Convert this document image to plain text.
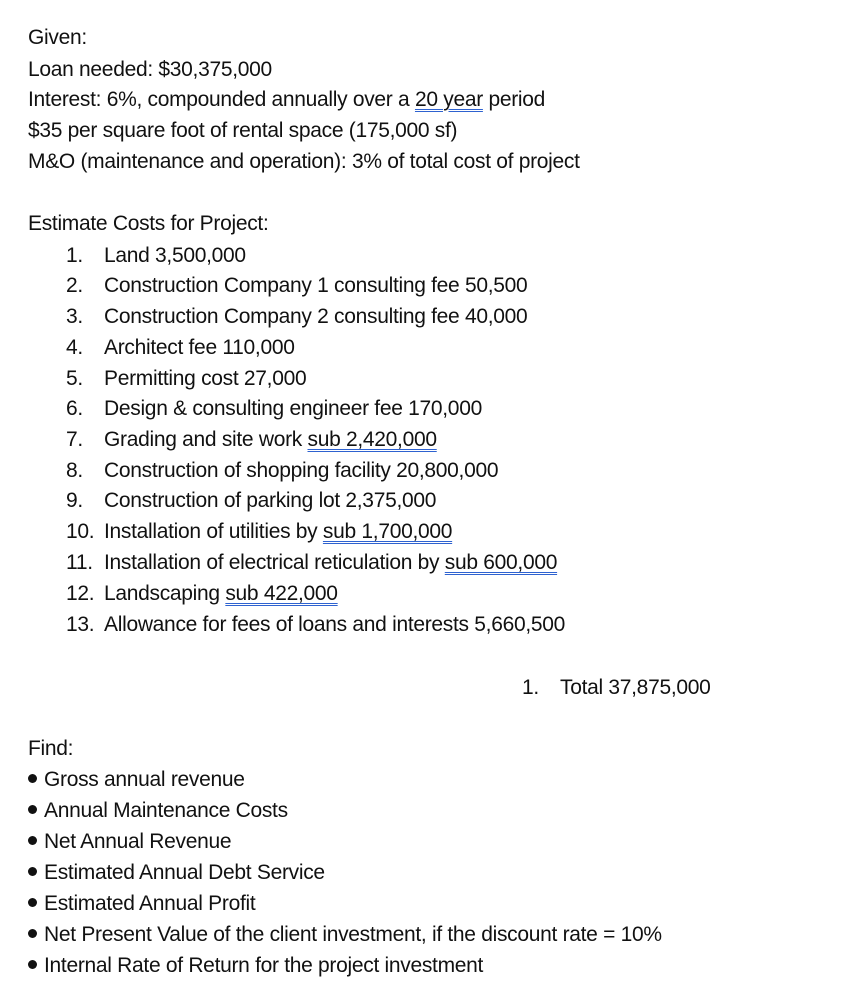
Given:
Loan needed: $30,375,000
Interest: 6%, compounded annually over a 20 year period
$35 per square foot of rental space (175,000 sf)
M&O (maintenance and operation): 3% of total cost of project
Estimate Costs for Project:
1. Land 3,500,000
2. Construction Company 1 consulting fee 50,500
3. Construction Company 2 consulting fee 40,000
4. Architect fee 110,000
5. Permitting cost 27,000
6. Design & consulting engineer fee 170,000
7. Grading and site work sub 2,420,000
8. Construction of shopping facility 20,800,000
9. Construction of parking lot 2,375,000
10. Installation of utilities by sub 1,700,000
11. Installation of electrical reticulation by sub 600,000
12. Landscaping sub 422,000
13. Allowance for fees of loans and interests 5,660,500
1. Total 37,875,000
Find:
Gross annual revenue
Annual Maintenance Costs
Net Annual Revenue
Estimated Annual Debt Service
Estimated Annual Profit
Net Present Value of the client investment, if the discount rate = 10%
Internal Rate of Return for the project investment
